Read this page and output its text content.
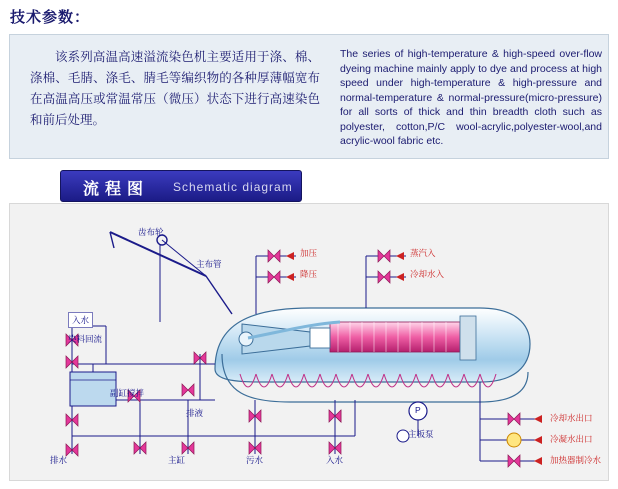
技术参数：
该系列高温高速溢流染色机主要适用于涤、棉、涤棉、毛腈、涤毛、腈毛等编织物的各种厚薄幅宽布在高温高压或常温常压（微压）状态下进行高速染色和前后处理。
The series of high-temperature & high-speed over-flow dyeing machine mainly apply to dye and process at high speed under high-temperature & high-pressure and normal-temperature & normal-pressure(micro-pressure) for all sorts of thick and thin breadth cloth such as polyester, cotton,P/C wool-acrylic,polyester-wool,and acrylic-wool fabric etc.
流程图 Schematic diagram
齿布轮
主布管
加压	蒸汽入
降压	冷却水入
入水
染料回流
副缸搅拌
排液	P
主板泵
冷却水出口
冷凝水出口
加热器制冷水
排水	主缸	污水	入水
